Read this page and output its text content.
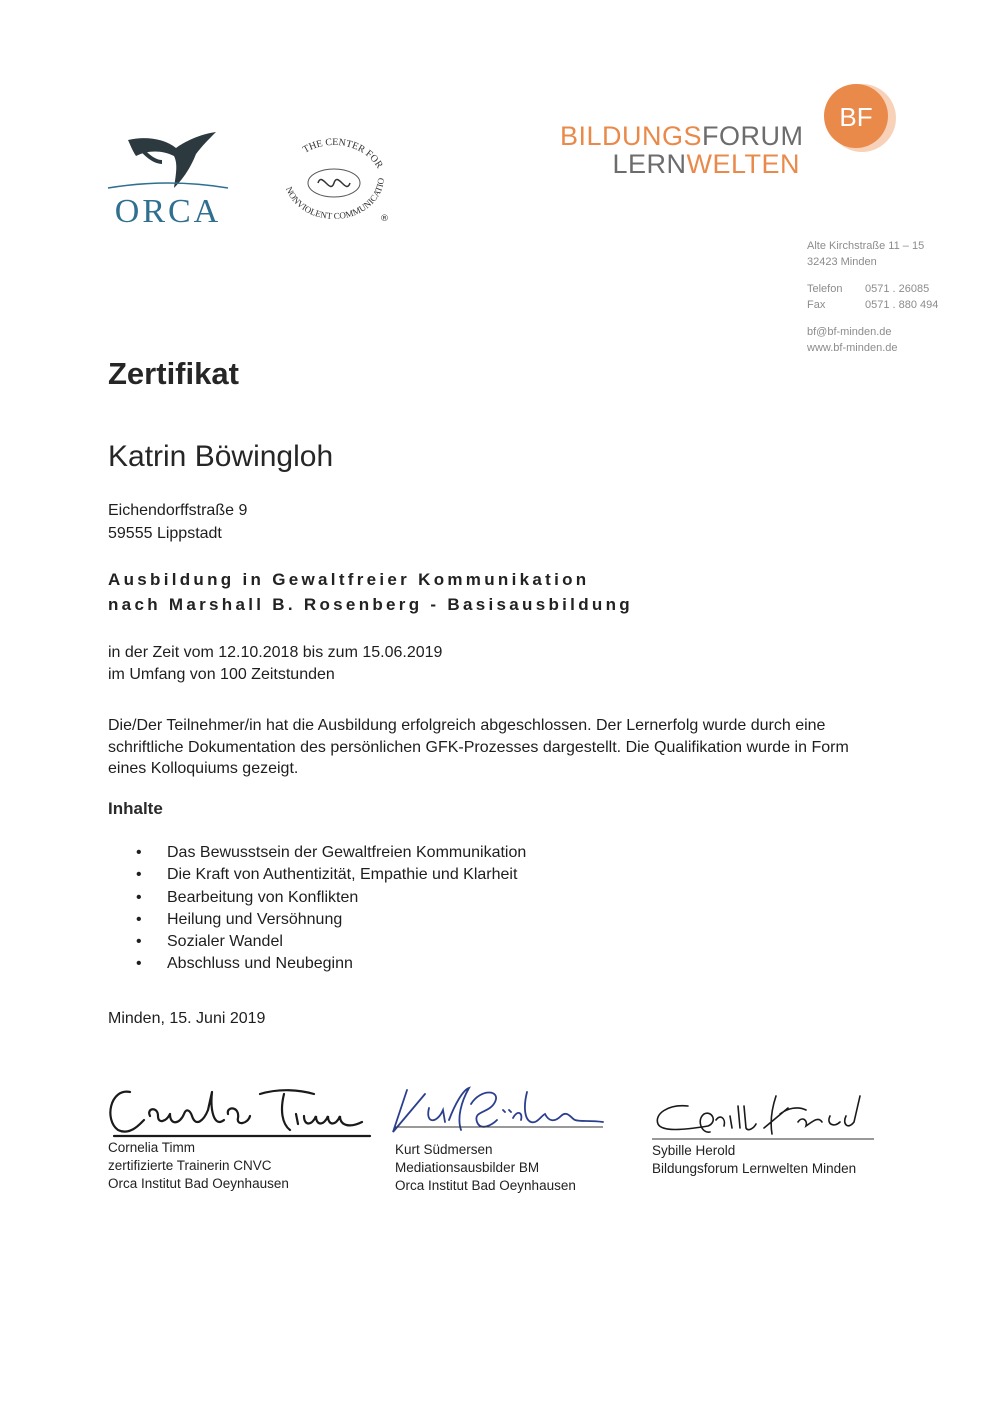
ORCA
THE CENTER FOR
NONVIOLENT COMMUNICATIO
®
BILDUNGSFORUM
LERNWELTEN
BF
Alte Kirchstraße 11 – 15
32423 Minden
Telefon	0571 . 26085
Fax	0571 . 880 494
bf@bf-minden.de
www.bf-minden.de
Zertifikat
Katrin Böwingloh
Eichendorffstraße 9
59555 Lippstadt
Ausbildung in Gewaltfreier Kommunikation
nach Marshall B. Rosenberg - Basisausbildung
in der Zeit vom 12.10.2018 bis zum 15.06.2019
im Umfang von 100 Zeitstunden
Die/Der Teilnehmer/in hat die Ausbildung erfolgreich abgeschlossen. Der Lernerfolg wurde durch eine schriftliche Dokumentation des persönlichen GFK-Prozesses dargestellt. Die Qualifikation wurde in Form eines Kolloquiums gezeigt.
Inhalte
•	Das Bewusstsein der Gewaltfreien Kommunikation
•	Die Kraft von Authentizität, Empathie und Klarheit
•	Bearbeitung von Konflikten
•	Heilung und Versöhnung
•	Sozialer Wandel
•	Abschluss und Neubeginn
Minden, 15. Juni 2019
Cornelia Timm
zertifizierte Trainerin CNVC
Orca Institut Bad Oeynhausen
Kurt Südmersen
Mediationsausbilder BM
Orca Institut Bad Oeynhausen
Sybille Herold
Bildungsforum Lernwelten Minden
